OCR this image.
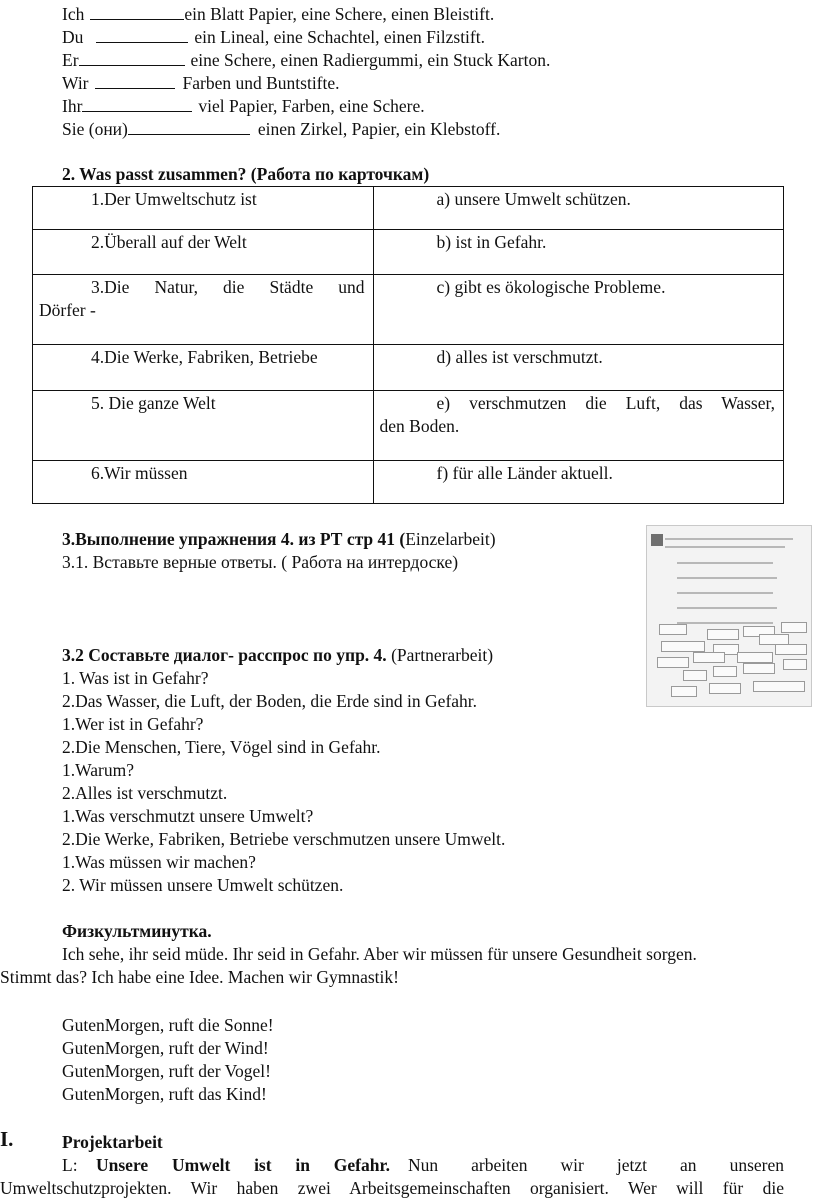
Ich	ein Blatt Papier, eine Schere, einen Bleistift.
Du	ein Lineal, eine Schachtel, einen Filzstift.
Er	eine Schere, einen Radiergummi, ein Stuck Karton.
Wir	Farben und Buntstifte.
Ihr	viel Papier, Farben, eine Schere.
Sie (они)	einen Zirkel, Papier, ein Klebstoff.
2. Was passt zusammen? (Работа по карточкам)
1.Der Umweltschutz ist	a) unsere Umwelt schützen.

2.Überall auf der Welt	b) ist in Gefahr.

3.Die Natur, die Städte und
Dörfer -	c) gibt es ökologische Probleme.

4.Die Werke, Fabriken, Betriebe	d) alles ist verschmutzt.

5. Die ganze Welt	e) verschmutzen die Luft, das Wasser,
den Boden.

6.Wir müssen	f) für alle Länder aktuell.
3.Выполнение упражнения 4. из РТ стр 41 (Einzelarbeit)
3.1. Вставьте верные ответы. ( Работа на интердоске)
3.2 Составьте диалог- расспрос по упр. 4. (Partnerarbeit)
1. Was ist in Gefahr?
2.Das Wasser, die Luft, der Boden, die Erde sind in Gefahr.
1.Wer ist in Gefahr?
2.Die Menschen, Tiere, Vögel sind in Gefahr.
1.Warum?
2.Alles ist verschmutzt.
1.Was verschmutzt unsere Umwelt?
2.Die Werke, Fabriken, Betriebe verschmutzen unsere Umwelt.
1.Was müssen wir machen?
2. Wir müssen unsere Umwelt schützen.
Физкультминутка.
Ich sehe, ihr seid müde. Ihr seid in Gefahr. Aber wir müssen für unsere Gesundheit sorgen.
Stimmt das? Ich habe eine Idee. Machen wir Gymnastik!
GutenMorgen, ruft die Sonne!
GutenMorgen, ruft der Wind!
GutenMorgen, ruft der Vogel!
GutenMorgen, ruft das Kind!
I.	Projektarbeit
L:	Unsere Umwelt ist in Gefahr. Nun arbeiten wir jetzt an unseren
Umweltschutzprojekten. Wir haben zwei Arbeitsgemeinschaften organisiert. Wer will für die
